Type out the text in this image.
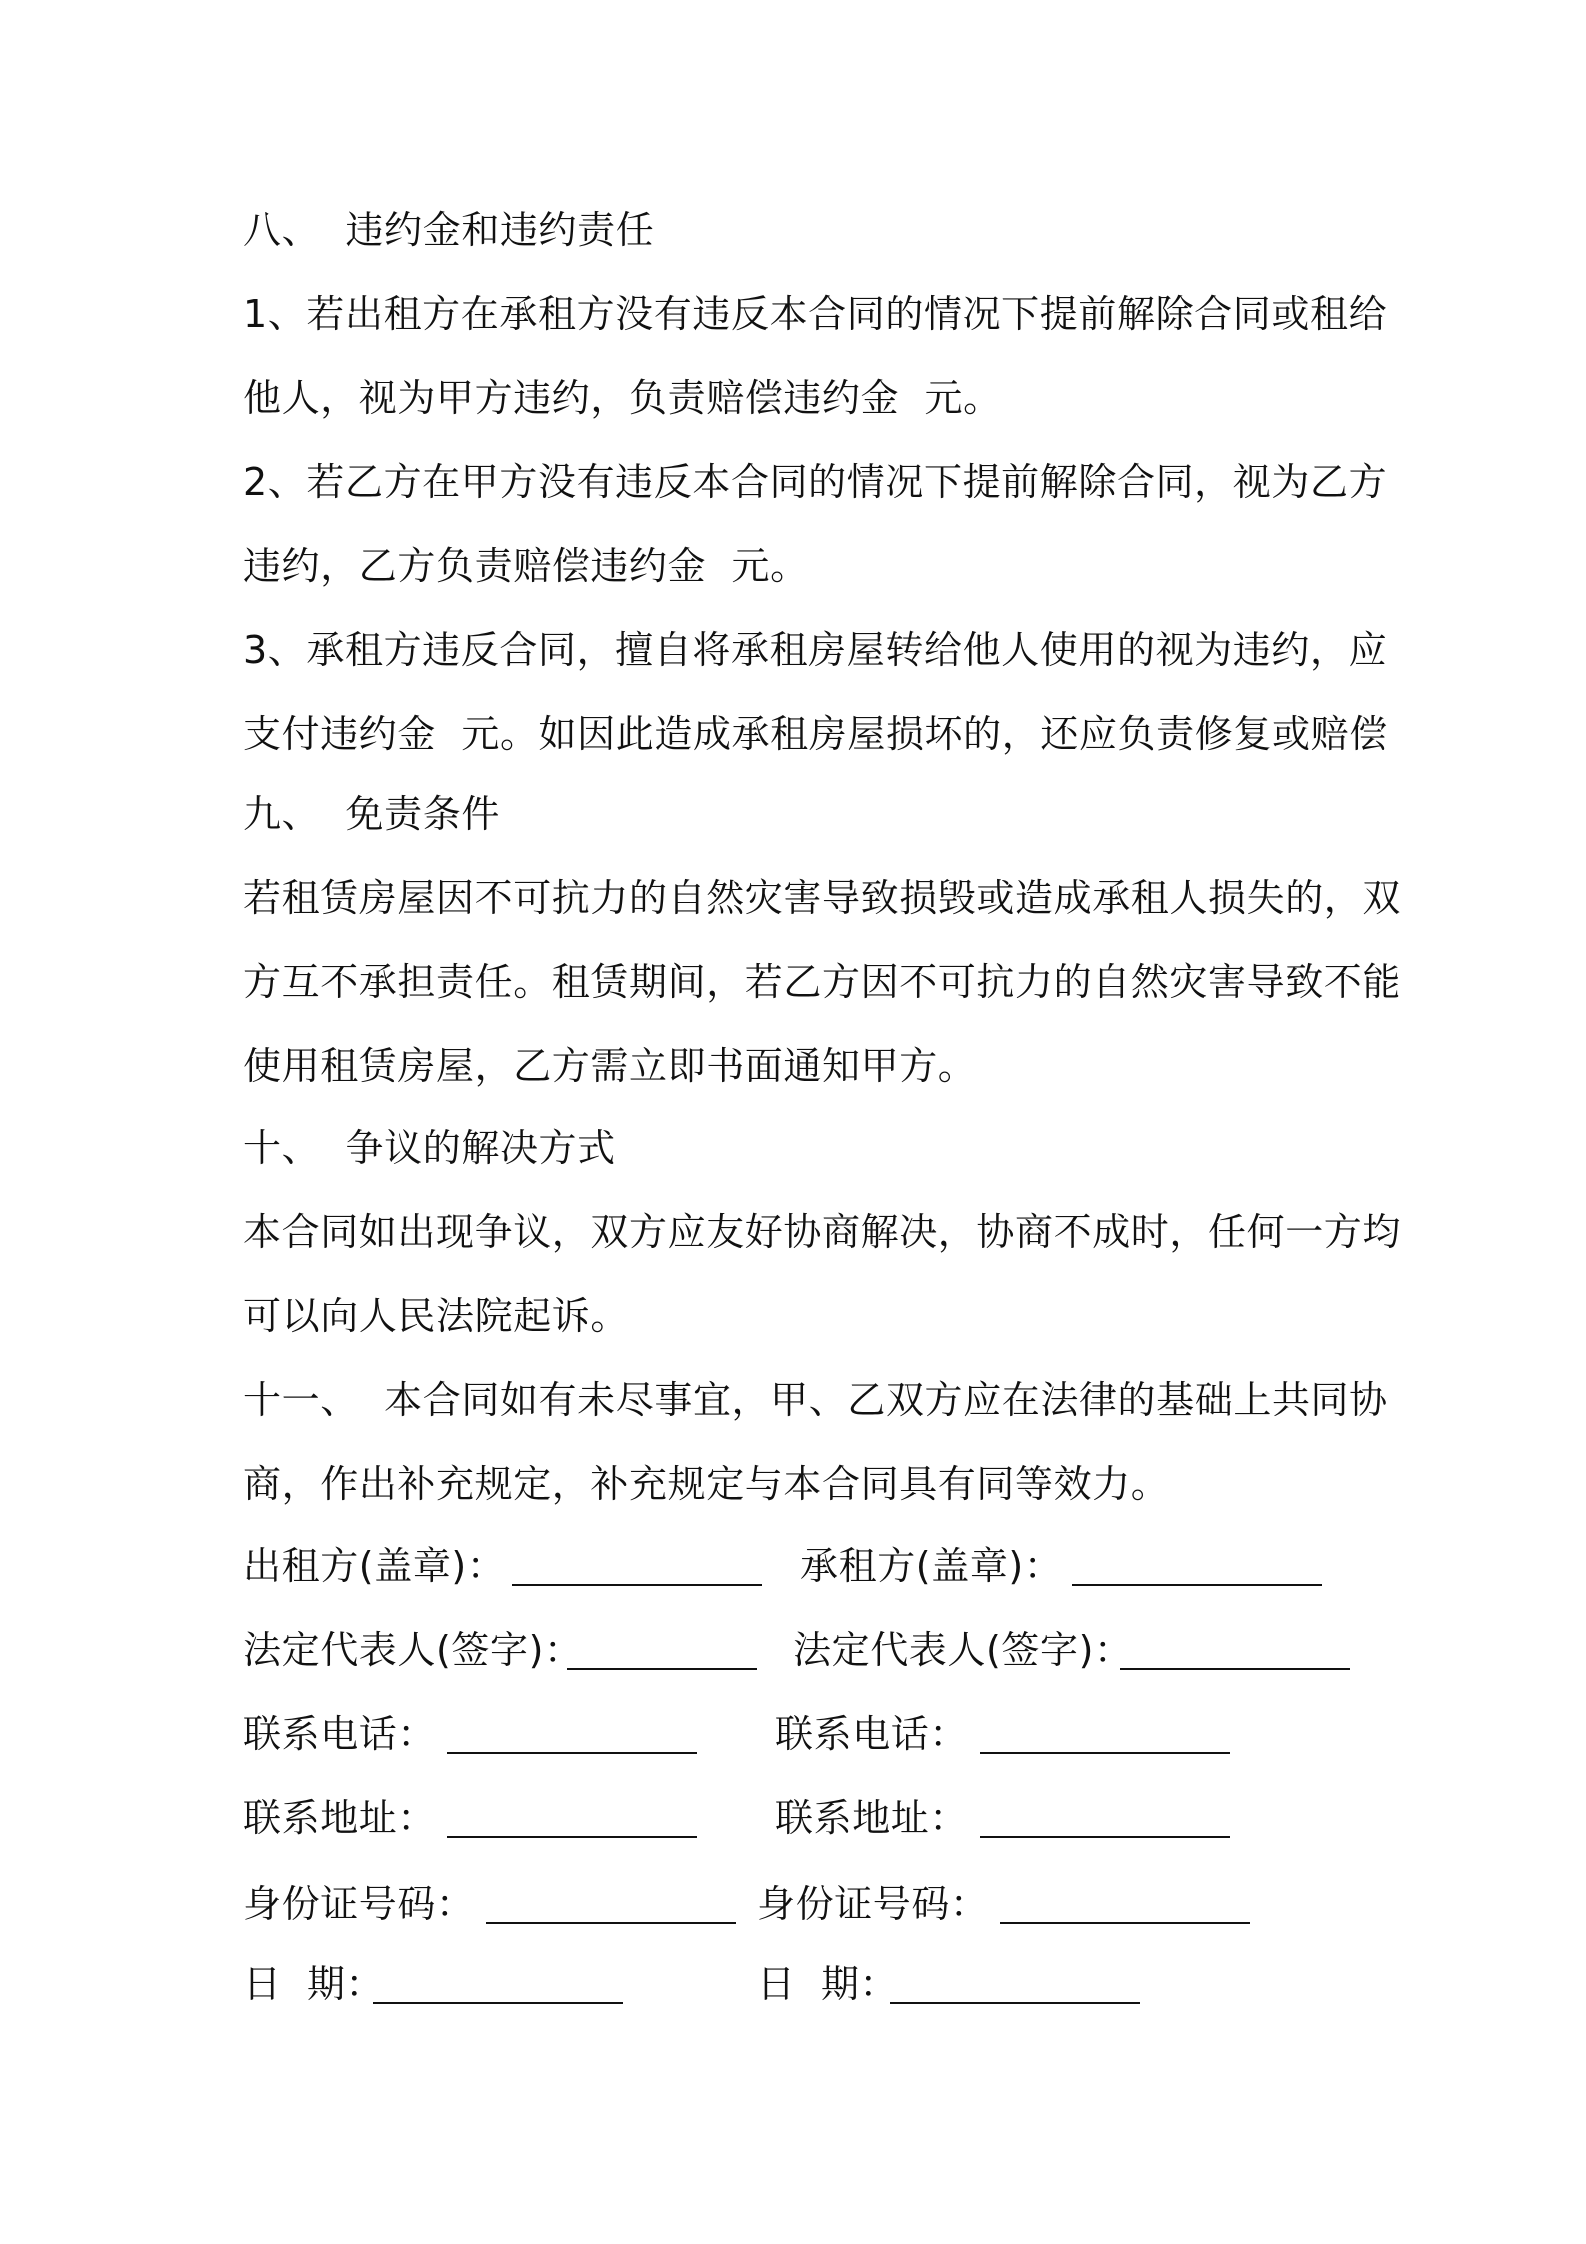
八、  违约金和违约责任
1、若出租方在承租方没有违反本合同的情况下提前解除合同或租给
他人，视为甲方违约，负责赔偿违约金  元。
2、若乙方在甲方没有违反本合同的情况下提前解除合同，视为乙方
违约，乙方负责赔偿违约金  元。
3、承租方违反合同，擅自将承租房屋转给他人使用的视为违约，应
支付违约金  元。如因此造成承租房屋损坏的，还应负责修复或赔偿
九、  免责条件
若租赁房屋因不可抗力的自然灾害导致损毁或造成承租人损失的，双
方互不承担责任。租赁期间，若乙方因不可抗力的自然灾害导致不能
使用租赁房屋，乙方需立即书面通知甲方。
十、  争议的解决方式
本合同如出现争议，双方应友好协商解决，协商不成时，任何一方均
可以向人民法院起诉。
十一、  本合同如有未尽事宜，甲、乙双方应在法律的基础上共同协
商，作出补充规定，补充规定与本合同具有同等效力。
出租方(盖章)：	承租方(盖章)：
法定代表人(签字)：	法定代表人(签字)：
联系电话：	联系电话：
联系地址：	联系地址：
身份证号码：	身份证号码：
日  期：	日  期：
